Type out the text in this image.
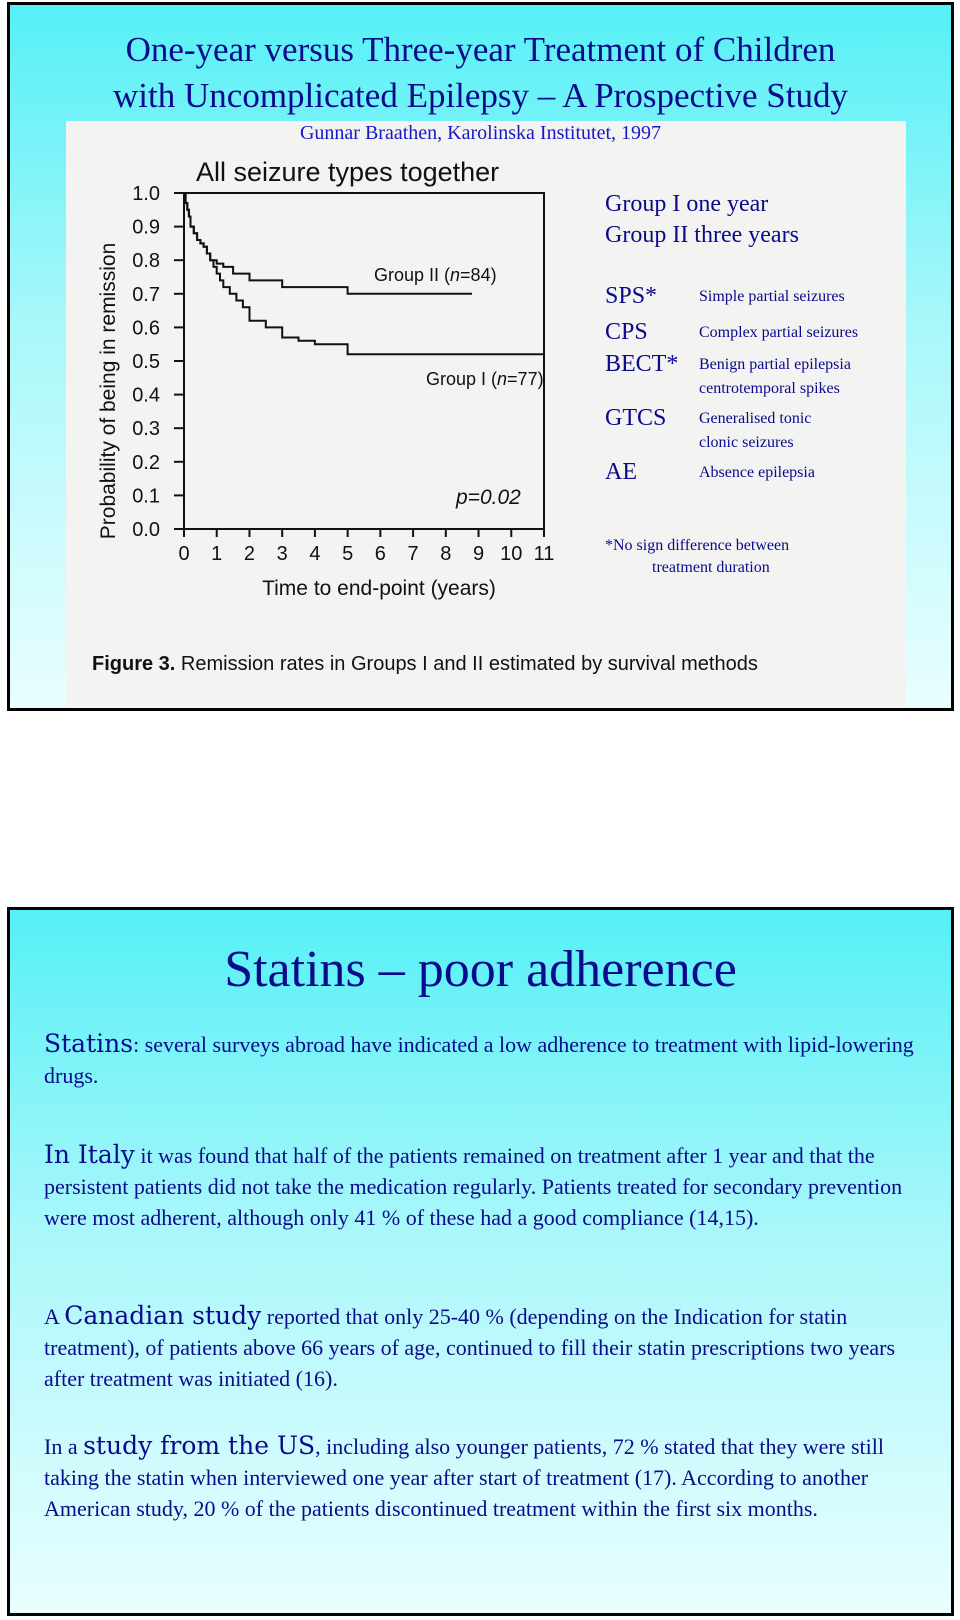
One-year versus Three-year Treatment of Children
with Uncomplicated Epilepsy – A Prospective Study
0.0
0.1
0.2
0.3
0.4
0.5
0.6
0.7
0.8
0.9
1.0
0 1 2 3 4 5 6 7 8 9 10 11
All seizure types together
Probability of being in remission
Time to end-point (years)
Group II (n=84)
Group I (n=77)
p=0.02
Figure 3. Remission rates in Groups I and II estimated by survival methods
Gunnar Braathen, Karolinska Institutet, 1997
Group I one year
Group II three years
SPS*	Simple partial seizures
CPS	Complex partial seizures
BECT* Benign partial epilepsia centrotemporal spikes
GTCS Generalised tonic clonic seizures
AE	Absence epilepsia
*No sign difference between
treatment duration
Statins – poor adherence
Statins: several surveys abroad have indicated a low adherence to treatment with lipid-lowering drugs.
In Italy it was found that half of the patients remained on treatment after 1 year and that the persistent patients did not take the medication regularly. Patients treated for secondary prevention were most adherent, although only 41 % of these had a good compliance (14,15).
A Canadian study reported that only 25-40 % (depending on the Indication for statin treatment), of patients above 66 years of age, continued to fill their statin prescriptions two years after treatment was initiated (16).
In a study from the US, including also younger patients, 72 % stated that they were still taking the statin when interviewed one year after start of treatment (17). According to another American study, 20 % of the patients discontinued treatment within the first six months.
